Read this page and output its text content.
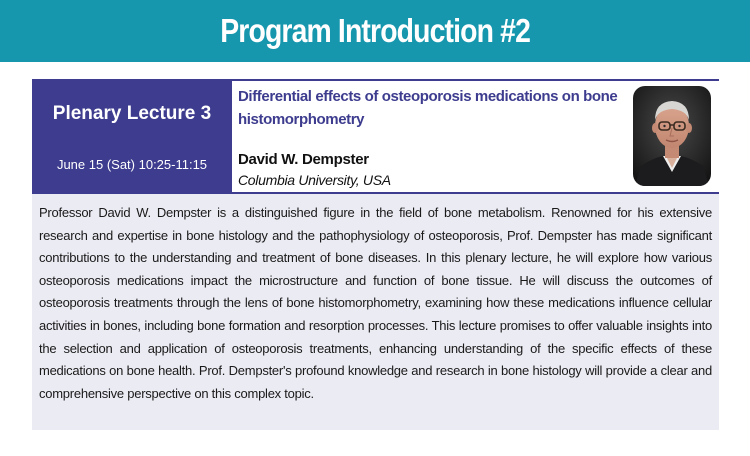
Program Introduction #2
Plenary Lecture 3
June 15 (Sat) 10:25-11:15
Differential effects of osteoporosis medications on bone histomorphometry
David W. Dempster
Columbia University, USA
Professor David W. Dempster is a distinguished figure in the field of bone metabolism. Renowned for his extensive research and expertise in bone histology and the pathophysiology of osteoporosis, Prof. Dempster has made significant contributions to the understanding and treatment of bone diseases. In this plenary lecture, he will explore how various osteoporosis medications impact the microstructure and function of bone tissue. He will discuss the outcomes of osteoporosis treatments through the lens of bone histomorphometry, examining how these medications influence cellular activities in bones, including bone formation and resorption processes. This lecture promises to offer valuable insights into the selection and application of osteoporosis treatments, enhancing understanding of the specific effects of these medications on bone health. Prof. Dempster's profound knowledge and research in bone histology will provide a clear and comprehensive perspective on this complex topic.
